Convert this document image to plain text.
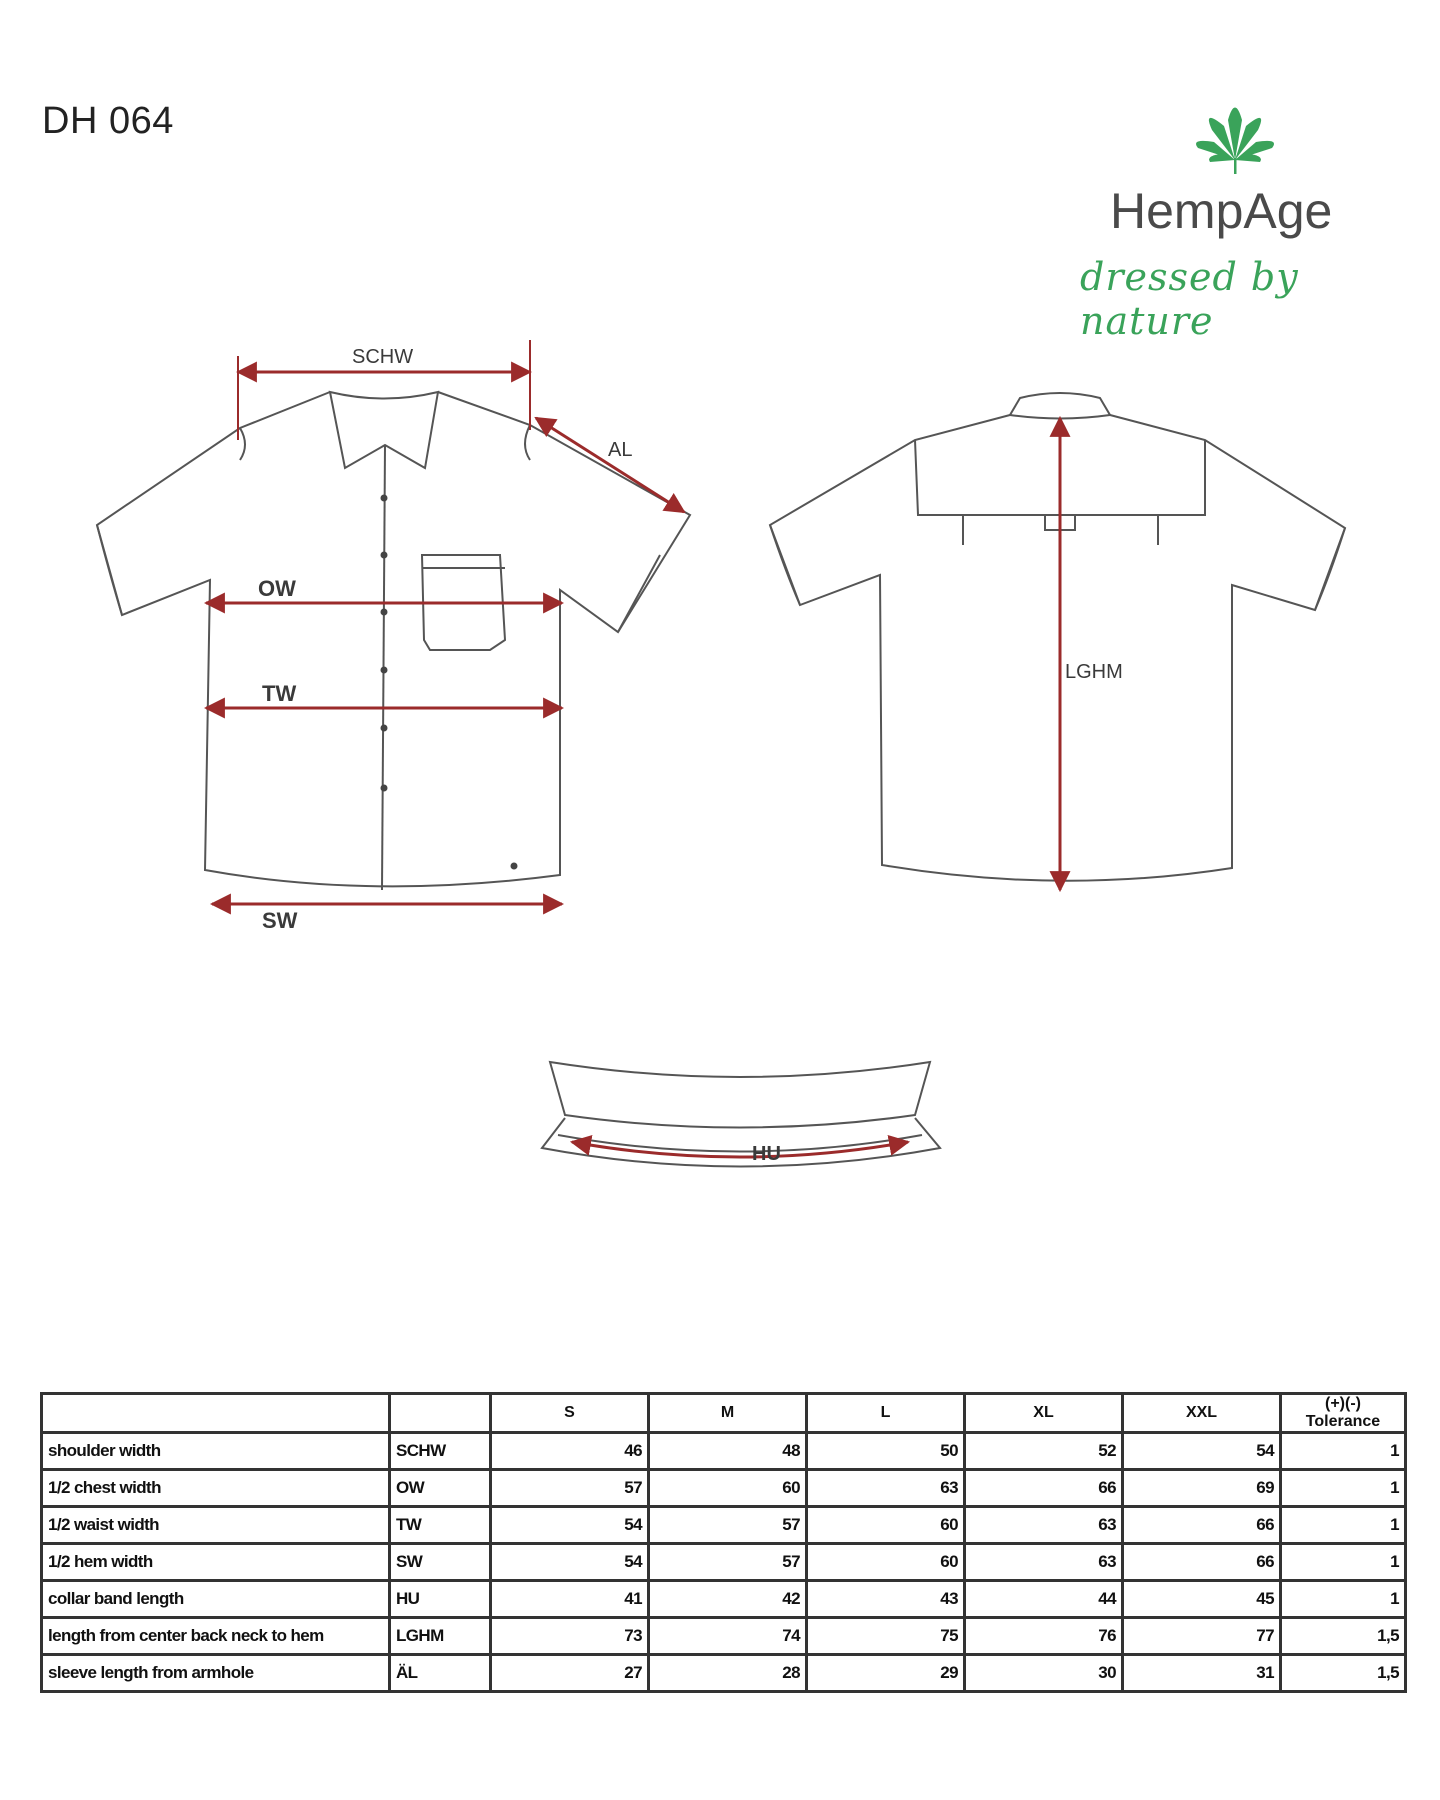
DH 064
HempAge
dressed by nature
SCHW
AL
OW
TW
SW
LGHM
HU
		S	M	L	XL	XXL	(+)(-) Tolerance
shoulder width	SCHW	46	48	50	52	54	1
1/2 chest width	OW	57	60	63	66	69	1
1/2 waist width	TW	54	57	60	63	66	1
1/2 hem width	SW	54	57	60	63	66	1
collar band length	HU	41	42	43	44	45	1
length from center back neck to hem	LGHM	73	74	75	76	77	1,5
sleeve length from armhole	ÄL	27	28	29	30	31	1,5
